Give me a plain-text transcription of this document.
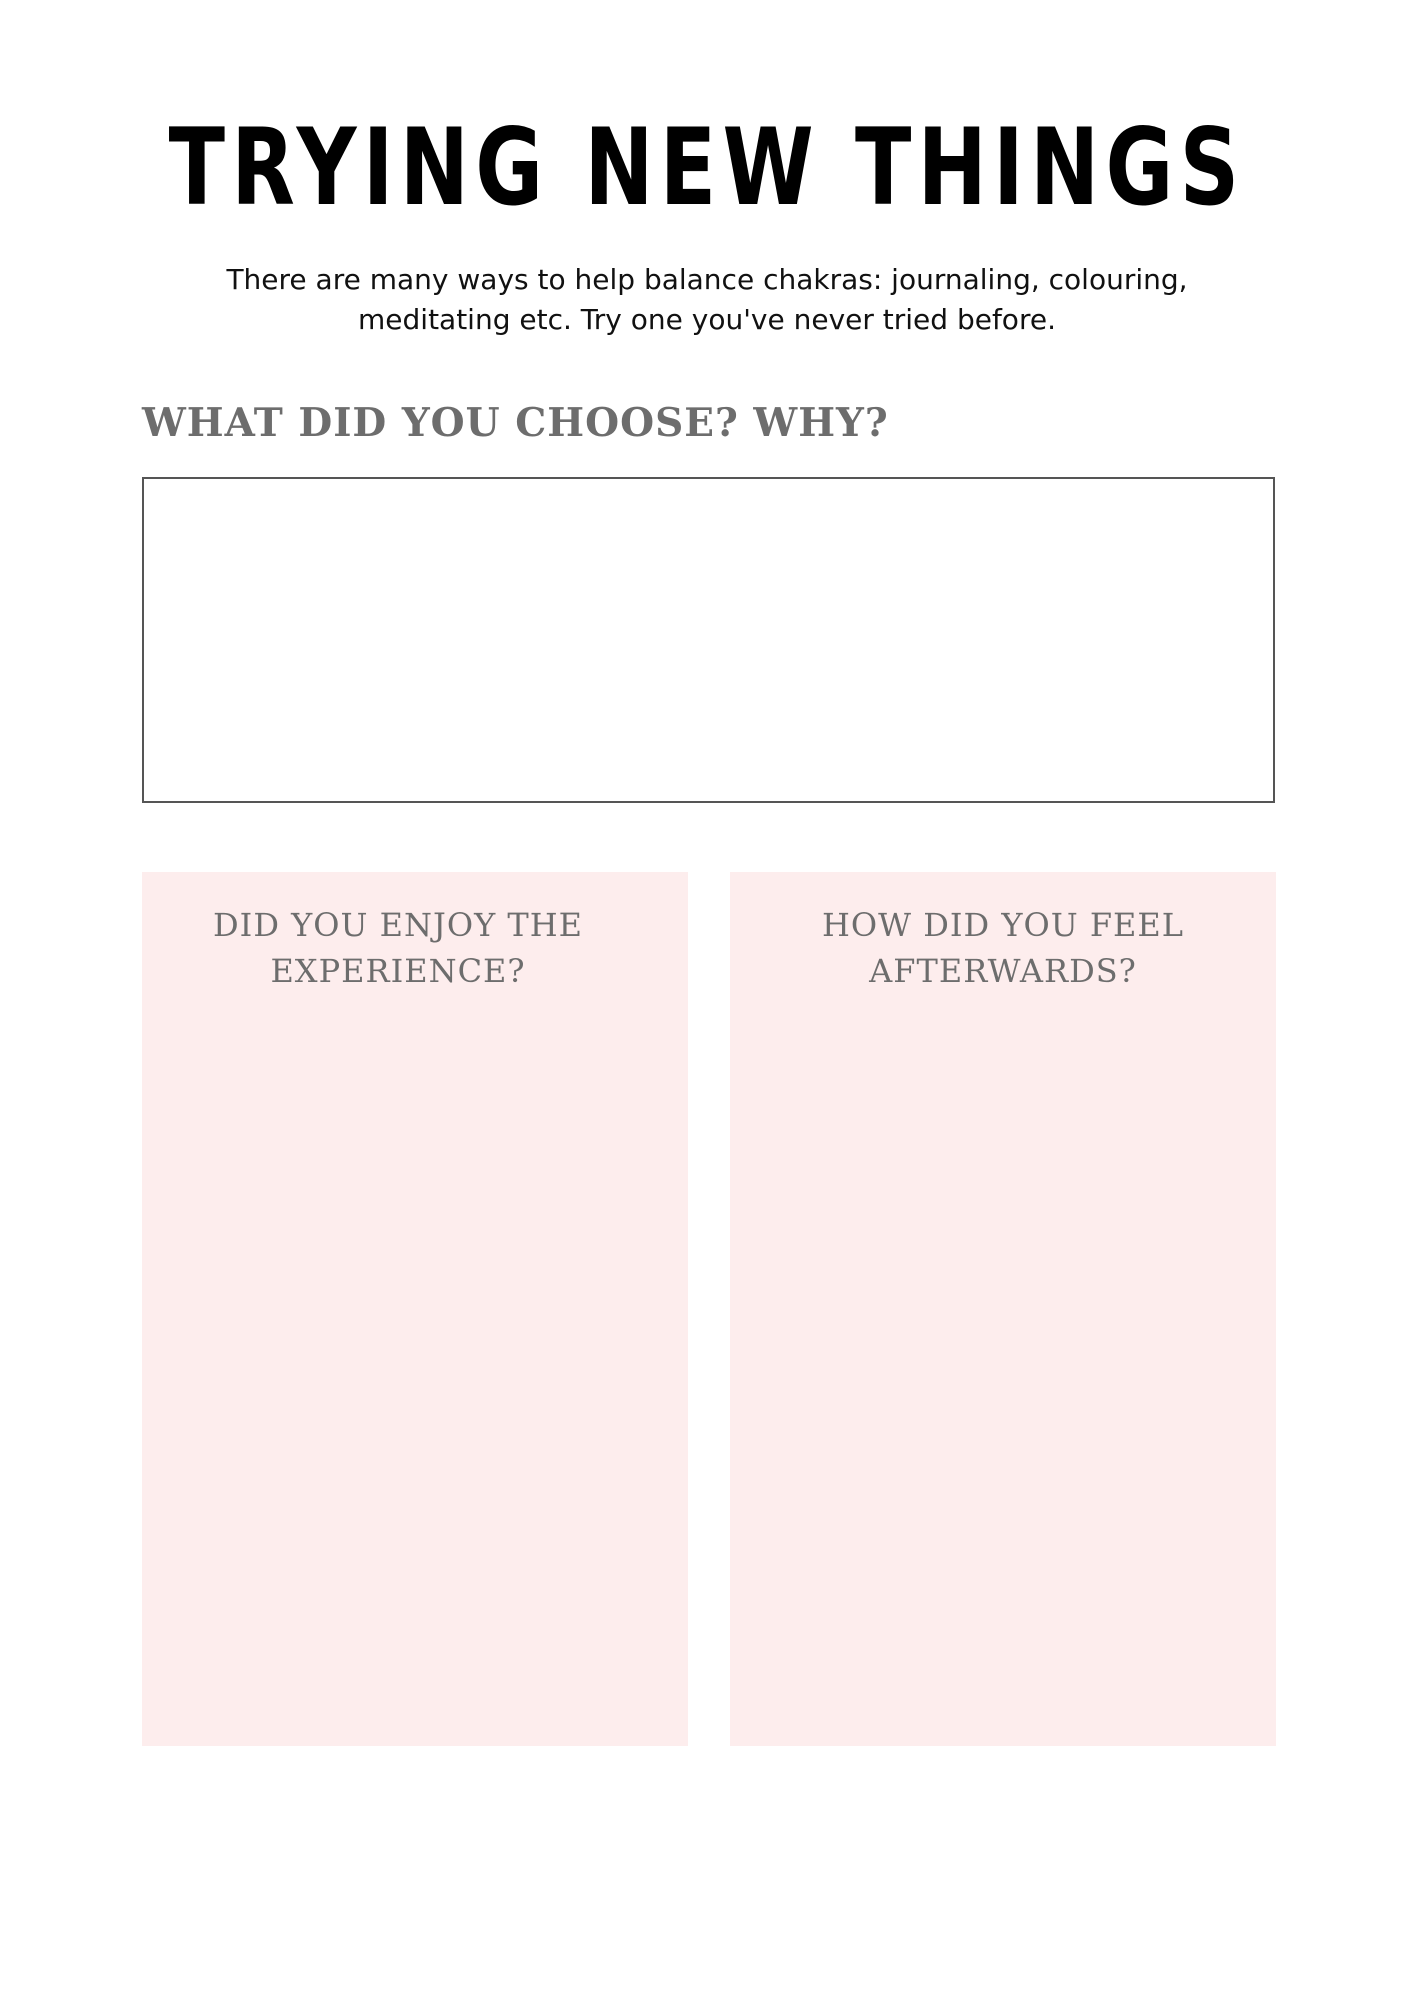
TRYING NEW THINGS

There are many ways to help balance chakras: journaling, colouring,
meditating etc. Try one you've never tried before.

WHAT DID YOU CHOOSE? WHY?

DID YOU ENJOY THE
EXPERIENCE?

HOW DID YOU FEEL
AFTERWARDS?
